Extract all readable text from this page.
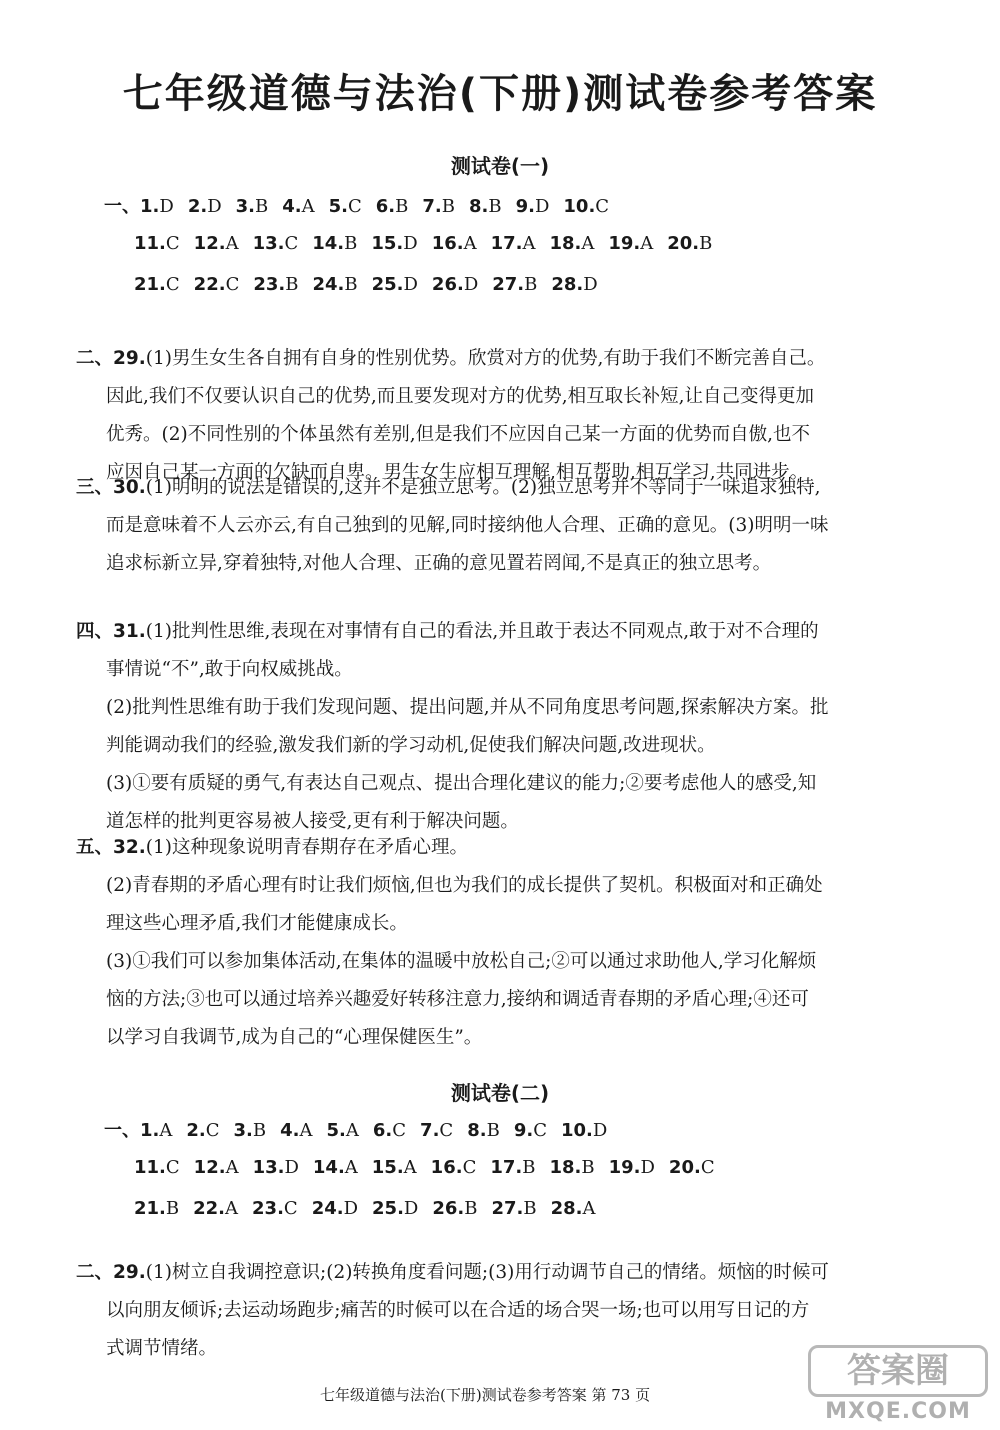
七年级道德与法治(下册)测试卷参考答案
测试卷(一)
一、1.D 2.D 3.B 4.A 5.C 6.B 7.B 8.B 9.D 10.C
11.C 12.A 13.C 14.B 15.D 16.A 17.A 18.A 19.A 20.B
21.C 22.C 23.B 24.B 25.D 26.D 27.B 28.D
二、29.(1)男生女生各自拥有自身的性别优势。欣赏对方的优势,有助于我们不断完善自己。
因此,我们不仅要认识自己的优势,而且要发现对方的优势,相互取长补短,让自己变得更加
优秀。(2)不同性别的个体虽然有差别,但是我们不应因自己某一方面的优势而自傲,也不
应因自己某一方面的欠缺而自卑。男生女生应相互理解,相互帮助,相互学习,共同进步。
三、30.(1)明明的说法是错误的,这并不是独立思考。(2)独立思考并不等同于一味追求独特,
而是意味着不人云亦云,有自己独到的见解,同时接纳他人合理、正确的意见。(3)明明一味
追求标新立异,穿着独特,对他人合理、正确的意见置若罔闻,不是真正的独立思考。
四、31.(1)批判性思维,表现在对事情有自己的看法,并且敢于表达不同观点,敢于对不合理的
事情说“不”,敢于向权威挑战。
(2)批判性思维有助于我们发现问题、提出问题,并从不同角度思考问题,探索解决方案。批
判能调动我们的经验,激发我们新的学习动机,促使我们解决问题,改进现状。
(3)①要有质疑的勇气,有表达自己观点、提出合理化建议的能力;②要考虑他人的感受,知
道怎样的批判更容易被人接受,更有利于解决问题。
五、32.(1)这种现象说明青春期存在矛盾心理。
(2)青春期的矛盾心理有时让我们烦恼,但也为我们的成长提供了契机。积极面对和正确处
理这些心理矛盾,我们才能健康成长。
(3)①我们可以参加集体活动,在集体的温暖中放松自己;②可以通过求助他人,学习化解烦
恼的方法;③也可以通过培养兴趣爱好转移注意力,接纳和调适青春期的矛盾心理;④还可
以学习自我调节,成为自己的“心理保健医生”。
测试卷(二)
一、1.A 2.C 3.B 4.A 5.A 6.C 7.C 8.B 9.C 10.D
11.C 12.A 13.D 14.A 15.A 16.C 17.B 18.B 19.D 20.C
21.B 22.A 23.C 24.D 25.D 26.B 27.B 28.A
二、29.(1)树立自我调控意识;(2)转换角度看问题;(3)用行动调节自己的情绪。烦恼的时候可
以向朋友倾诉;去运动场跑步;痛苦的时候可以在合适的场合哭一场;也可以用写日记的方
式调节情绪。
七年级道德与法治(下册)测试卷参考答案 第 73 页
答案圈
MXQE.COM
